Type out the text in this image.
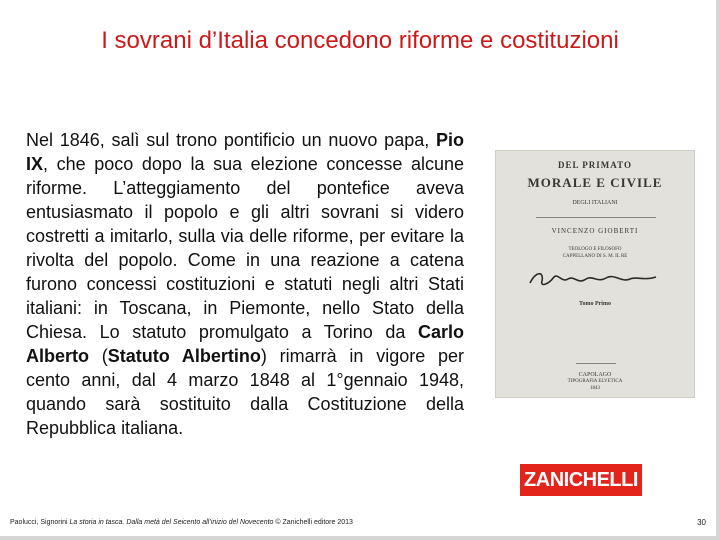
I sovrani d’Italia concedono riforme e costituzioni
Nel 1846, salì sul trono pontificio un nuovo papa, Pio IX, che poco dopo la sua elezione concesse alcune riforme. L’atteggiamento del pontefice aveva entusiasmato il popolo e gli altri sovrani si videro costretti a imitarlo, sulla via delle riforme, per evitare la rivolta del popolo. Come in una reazione a catena furono concessi costituzioni e statuti negli altri Stati italiani: in Toscana, in Piemonte, nello Stato della Chiesa. Lo statuto promulgato a Torino da Carlo Alberto (Statuto Albertino) rimarrà in vigore per cento anni, dal 4 marzo 1848 al 1°gennaio 1948, quando sarà sostituito dalla Costituzione della Repubblica italiana.
DEL PRIMATO
MORALE E CIVILE
DEGLI ITALIANI
VINCENZO GIOBERTI
TEOLOGO E FILOSOFO
CAPPELLANO DI S. M. IL RE
Tomo Primo
CAPOLAGO
TIPOGRAFIA ELVETICA
1843
ZANICHELLI
Paolucci, Signorini La storia in tasca. Dalla metà del Seicento all’inizio del Novecento © Zanichelli editore 2013	30
